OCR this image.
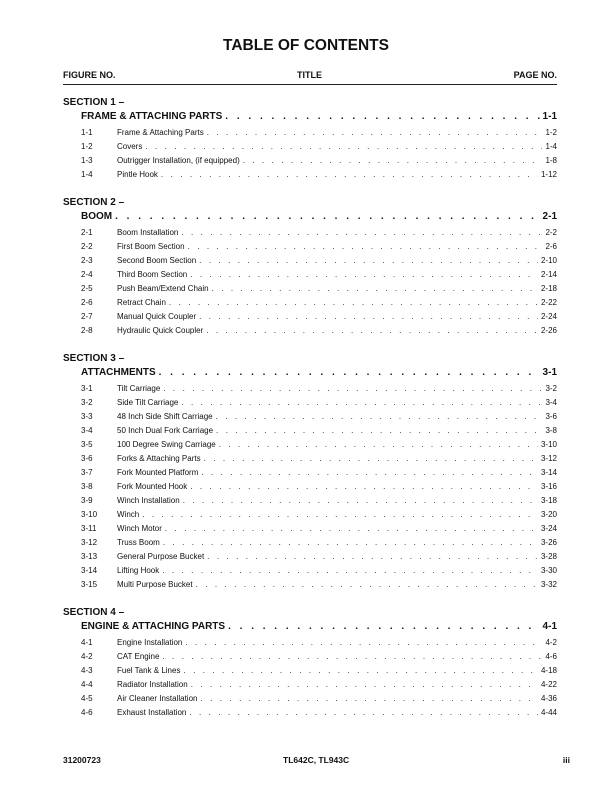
TABLE OF CONTENTS
FIGURE NO.	TITLE	PAGE NO.
SECTION 1 –
FRAME & ATTACHING PARTS . . .	1-1
1-1	Frame & Attaching Parts . . .	1-2
1-2	Covers . . .	1-4
1-3	Outrigger Installation, (if equipped) . . .	1-8
1-4	Pintle Hook . . .	1-12
SECTION 2 –
BOOM . . .	2-1
2-1	Boom Installation . . .	2-2
2-2	First Boom Section . . .	2-6
2-3	Second Boom Section . . .	2-10
2-4	Third Boom Section . . .	2-14
2-5	Push Beam/Extend Chain . . .	2-18
2-6	Retract Chain . . .	2-22
2-7	Manual Quick Coupler . . .	2-24
2-8	Hydraulic Quick Coupler . . .	2-26
SECTION 3 –
ATTACHMENTS . . .	3-1
3-1	Tilt Carriage . . .	3-2
3-2	Side Tilt Carriage . . .	3-4
3-3	48 Inch Side Shift Carriage . . .	3-6
3-4	50 Inch Dual Fork Carriage . . .	3-8
3-5	100 Degree Swing Carriage . . .	3-10
3-6	Forks & Attaching Parts . . .	3-12
3-7	Fork Mounted Platform . . .	3-14
3-8	Fork Mounted Hook . . .	3-16
3-9	Winch Installation . . .	3-18
3-10	Winch . . .	3-20
3-11	Winch Motor . . .	3-24
3-12	Truss Boom . . .	3-26
3-13	General Purpose Bucket . . .	3-28
3-14	Lifting Hook . . .	3-30
3-15	Multi Purpose Bucket . . .	3-32
SECTION 4 –
ENGINE & ATTACHING PARTS . . .	4-1
4-1	Engine Installation . . .	4-2
4-2	CAT Engine . . .	4-6
4-3	Fuel Tank & Lines . . .	4-18
4-4	Radiator Installation . . .	4-22
4-5	Air Cleaner Installation . . .	4-36
4-6	Exhaust Installation . . .	4-44
31200723	TL642C, TL943C	iii
